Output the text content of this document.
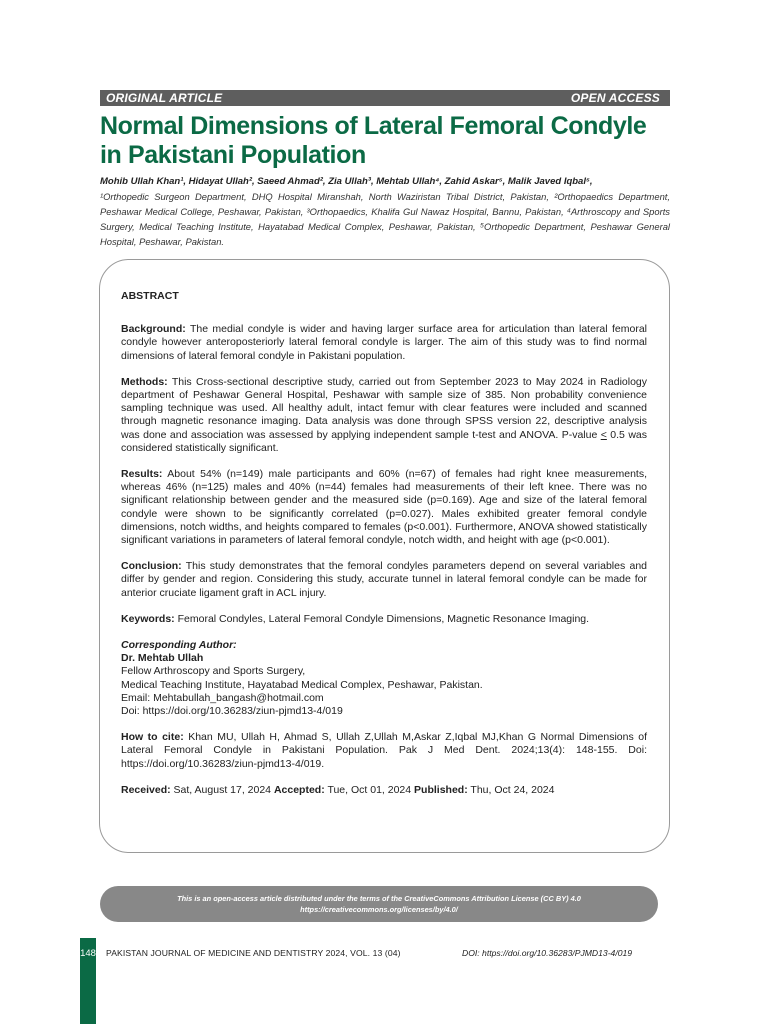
ORIGINAL ARTICLE	OPEN ACCESS
Normal Dimensions of Lateral Femoral Condyle
in Pakistani Population
Mohib Ullah Khan¹, Hidayat Ullah², Saeed Ahmad², Zia Ullah³, Mehtab Ullah⁴, Zahid Askar⁵, Malik Javed Iqbal⁵,
¹Orthopedic Surgeon Department, DHQ Hospital Miranshah, North Waziristan Tribal District, Pakistan, ²Orthopaedics Department, Peshawar Medical College, Peshawar, Pakistan, ³Orthopaedics, Khalifa Gul Nawaz Hospital, Bannu, Pakistan, ⁴Arthroscopy and Sports Surgery, Medical Teaching Institute, Hayatabad Medical Complex, Peshawar, Pakistan, ⁵Orthopedic Department, Peshawar General Hospital, Peshawar, Pakistan.

ABSTRACT

Background: The medial condyle is wider and having larger surface area for articulation than lateral femoral condyle however anteroposteriorly lateral femoral condyle is larger. The aim of this study was to find normal dimensions of lateral femoral condyle in Pakistani population.

Methods: This Cross-sectional descriptive study, carried out from September 2023 to May 2024 in Radiology department of Peshawar General Hospital, Peshawar with sample size of 385. Non probability convenience sampling technique was used. All healthy adult, intact femur with clear features were included and scanned through magnetic resonance imaging. Data analysis was done through SPSS version 22, descriptive analysis was done and association was assessed by applying independent sample t-test and ANOVA. P-value < 0.5 was considered statistically significant.

Results: About 54% (n=149) male participants and 60% (n=67) of females had right knee measurements, whereas 46% (n=125) males and 40% (n=44) females had measurements of their left knee. There was no significant relationship between gender and the measured side (p=0.169). Age and size of the lateral femoral condyle were shown to be significantly correlated (p=0.027). Males exhibited greater femoral condyle dimensions, notch widths, and heights compared to females (p<0.001). Furthermore, ANOVA showed statistically significant variations in parameters of lateral femoral condyle, notch width, and height with age (p<0.001).

Conclusion: This study demonstrates that the femoral condyles parameters depend on several variables and differ by gender and region. Considering this study, accurate tunnel in lateral femoral condyle can be made for anterior cruciate ligament graft in ACL injury.

Keywords: Femoral Condyles, Lateral Femoral Condyle Dimensions, Magnetic Resonance Imaging.

Corresponding Author:

Dr. Mehtab Ullah

Fellow Arthroscopy and Sports Surgery,

Medical Teaching Institute, Hayatabad Medical Complex, Peshawar, Pakistan.

Email: Mehtabullah_bangash@hotmail.com

Doi: https://doi.org/10.36283/ziun-pjmd13-4/019

How to cite: Khan MU, Ullah H, Ahmad S, Ullah Z,Ullah M,Askar Z,Iqbal MJ,Khan G Normal Dimensions of Lateral Femoral Condyle in Pakistani Population. Pak J Med Dent. 2024;13(4): 148-155. Doi: https://doi.org/10.36283/ziun-pjmd13-4/019.

Received: Sat, August 17, 2024 Accepted: Tue, Oct 01, 2024 Published: Thu, Oct 24, 2024

This is an open-access article distributed under the terms of the CreativeCommons Attribution License (CC BY) 4.0
https://creativecommons.org/licenses/by/4.0/
148 PAKISTAN JOURNAL OF MEDICINE AND DENTISTRY 2024, VOL. 13 (04)	DOI: https://doi.org/10.36283/PJMD13-4/019
